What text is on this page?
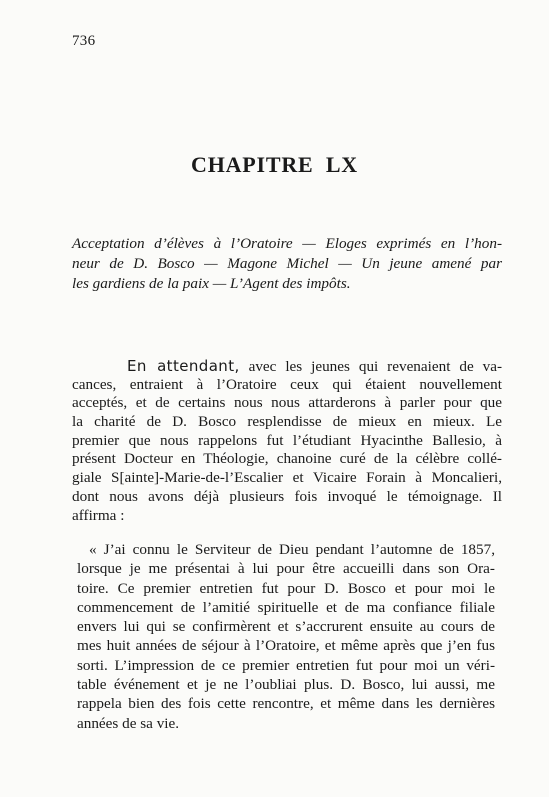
736
CHAPITRE LX
Acceptation d’élèves à l’Oratoire — Eloges exprimés en l’hon-
neur de D. Bosco — Magone Michel — Un jeune amené par
les gardiens de la paix — L’Agent des impôts.
En attendant, avec les jeunes qui revenaient de va-
cances, entraient à l’Oratoire ceux qui étaient nouvellement
acceptés, et de certains nous nous attarderons à parler pour que
la charité de D. Bosco resplendisse de mieux en mieux. Le
premier que nous rappelons fut l’étudiant Hyacinthe Ballesio, à
présent Docteur en Théologie, chanoine curé de la célèbre collé-
giale S[ainte]-Marie-de-l’Escalier et Vicaire Forain à Moncalieri,
dont nous avons déjà plusieurs fois invoqué le témoignage. Il
affirma :
« J’ai connu le Serviteur de Dieu pendant l’automne de 1857,
lorsque je me présentai à lui pour être accueilli dans son Ora-
toire. Ce premier entretien fut pour D. Bosco et pour moi le
commencement de l’amitié spirituelle et de ma confiance filiale
envers lui qui se confirmèrent et s’accrurent ensuite au cours de
mes huit années de séjour à l’Oratoire, et même après que j’en fus
sorti. L’impression de ce premier entretien fut pour moi un véri-
table événement et je ne l’oubliai plus. D. Bosco, lui aussi, me
rappela bien des fois cette rencontre, et même dans les dernières
années de sa vie.
